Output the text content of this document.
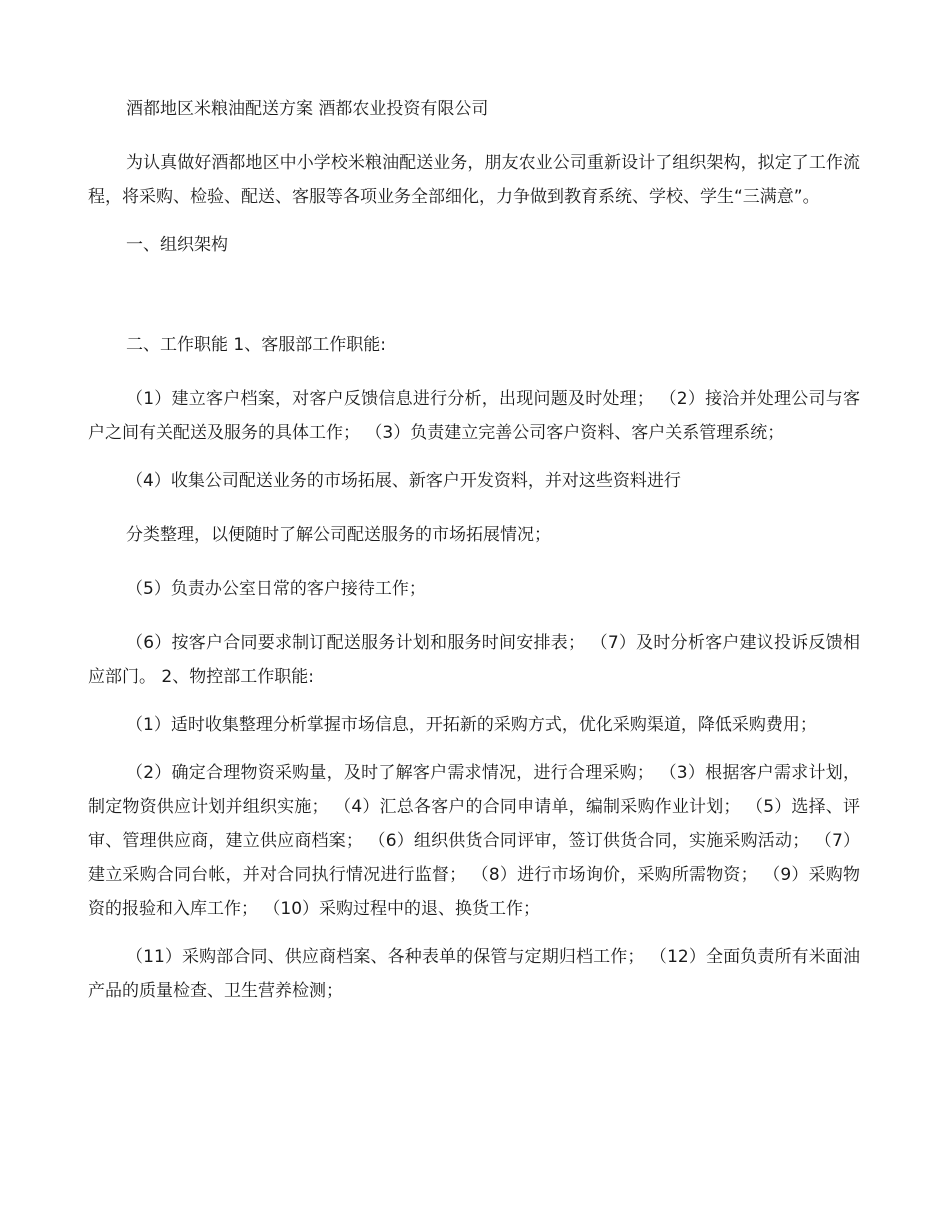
酒都地区米粮油配送方案 酒都农业投资有限公司

为认真做好酒都地区中小学校米粮油配送业务，朋友农业公司重新设计了组织架构，拟定了工作流程，将采购、检验、配送、客服等各项业务全部细化，力争做到教育系统、学校、学生“三满意”。

一、组织架构

二、工作职能 1、客服部工作职能:

（1）建立客户档案，对客户反馈信息进行分析，出现问题及时处理； （2）接洽并处理公司与客户之间有关配送及服务的具体工作； （3）负责建立完善公司客户资料、客户关系管理系统；

（4）收集公司配送业务的市场拓展、新客户开发资料，并对这些资料进行

分类整理，以便随时了解公司配送服务的市场拓展情况；

（5）负责办公室日常的客户接待工作；

（6）按客户合同要求制订配送服务计划和服务时间安排表； （7）及时分析客户建议投诉反馈相应部门。 2、物控部工作职能:

（1）适时收集整理分析掌握市场信息，开拓新的采购方式，优化采购渠道，降低采购费用；

（2）确定合理物资采购量，及时了解客户需求情况，进行合理采购； （3）根据客户需求计划，制定物资供应计划并组织实施； （4）汇总各客户的合同申请单，编制采购作业计划； （5）选择、评审、管理供应商，建立供应商档案； （6）组织供货合同评审，签订供货合同，实施采购活动； （7）建立采购合同台帐，并对合同执行情况进行监督； （8）进行市场询价，采购所需物资； （9）采购物资的报验和入库工作； （10）采购过程中的退、换货工作；

（11）采购部合同、供应商档案、各种表单的保管与定期归档工作； （12）全面负责所有米面油产品的质量检查、卫生营养检测；
